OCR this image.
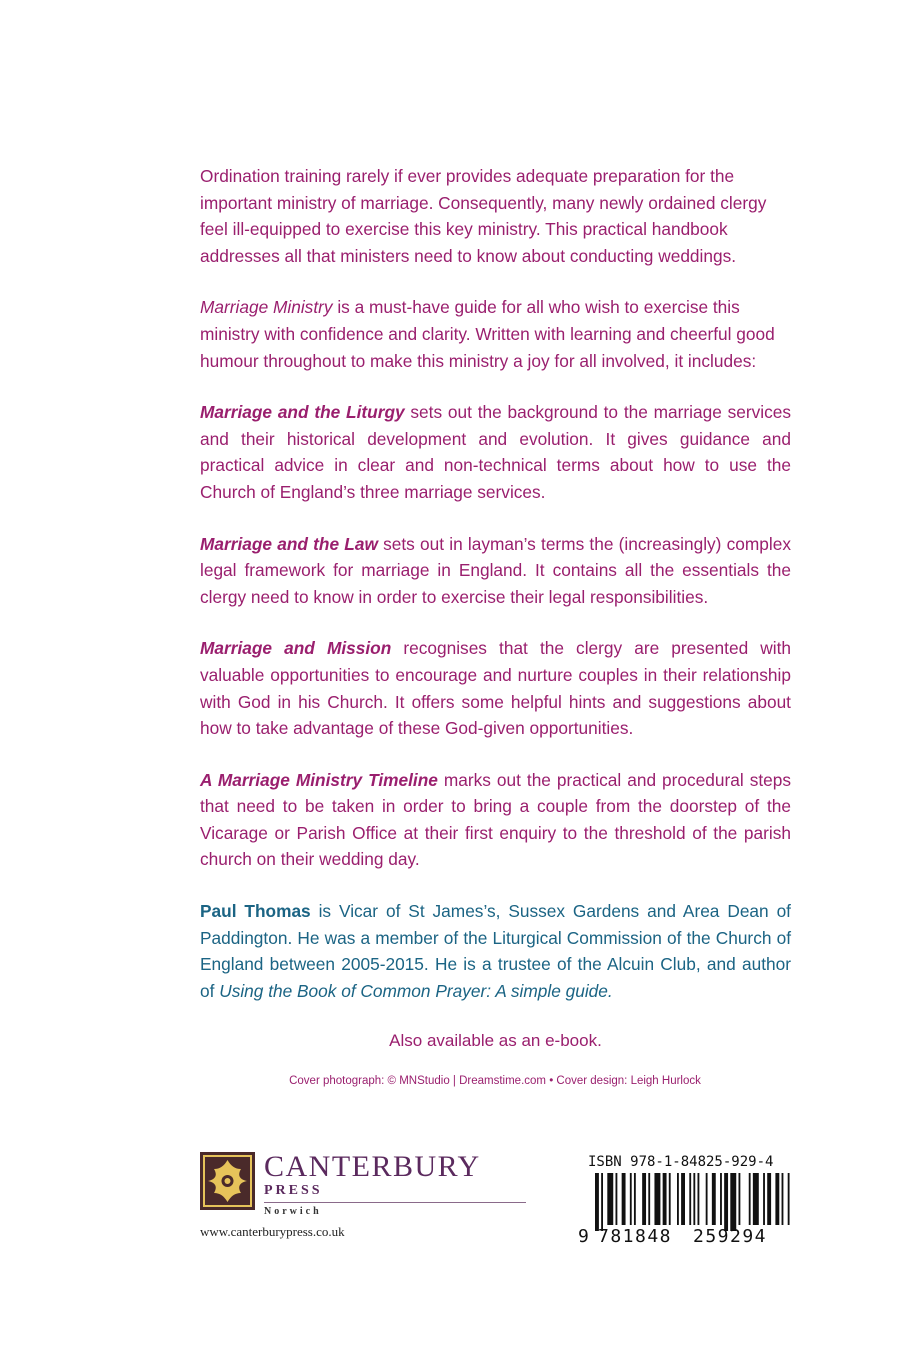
Ordination training rarely if ever provides adequate preparation for the important ministry of marriage. Consequently, many newly ordained clergy feel ill-equipped to exercise this key ministry. This practical handbook addresses all that ministers need to know about conducting weddings.

Marriage Ministry is a must-have guide for all who wish to exercise this ministry with confidence and clarity. Written with learning and cheerful good humour throughout to make this ministry a joy for all involved, it includes:

Marriage and the Liturgy sets out the background to the marriage services and their historical development and evolution. It gives guidance and practical advice in clear and non-technical terms about how to use the Church of England’s three marriage services.

Marriage and the Law sets out in layman’s terms the (increasingly) complex legal framework for marriage in England. It contains all the essentials the clergy need to know in order to exercise their legal responsibilities.

Marriage and Mission recognises that the clergy are presented with valuable opportunities to encourage and nurture couples in their relationship with God in his Church. It offers some helpful hints and suggestions about how to take advantage of these God-given opportunities.

A Marriage Ministry Timeline marks out the practical and procedural steps that need to be taken in order to bring a couple from the doorstep of the Vicarage or Parish Office at their first enquiry to the threshold of the parish church on their wedding day.

Paul Thomas is Vicar of St James’s, Sussex Gardens and Area Dean of Paddington. He was a member of the Liturgical Commission of the Church of England between 2005-2015. He is a trustee of the Alcuin Club, and author of Using the Book of Common Prayer: A simple guide.

Also available as an e-book.

Cover photograph: © MNStudio | Dreamstime.com • Cover design: Leigh Hurlock

CANTERBURY

PRESS

Norwich

www.canterburypress.co.uk

ISBN 978-1-84825-929-4

9 781848 259294
